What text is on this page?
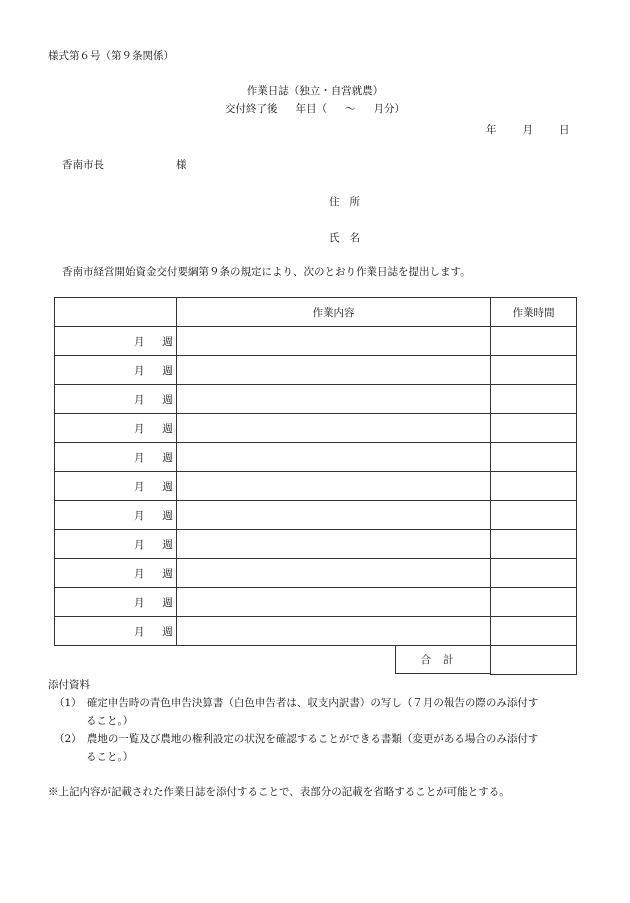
様式第６号（第９条関係）
作業日誌（独立・自営就農）
交付終了後 年目（ 〜 月分）
年 月 日
香南市長	様
住所
氏名
香南市経営開始資金交付要綱第９条の規定により、次のとおり作業日誌を提出します。
	作業内容	作業時間
月 週		
月 週		
月 週		
月 週		
月 週		
月 週		
月 週		
月 週		
月 週		
月 週		
月 週		

合計	

添付資料
（1）　確定申告時の青色申告決算書（白色申告者は、収支内訳書）の写し（７月の報告の際のみ添付す
ること。）
（2）　農地の一覧及び農地の権利設定の状況を確認することができる書類（変更がある場合のみ添付す
ること。）
※上記内容が記載された作業日誌を添付することで、表部分の記載を省略することが可能とする。
